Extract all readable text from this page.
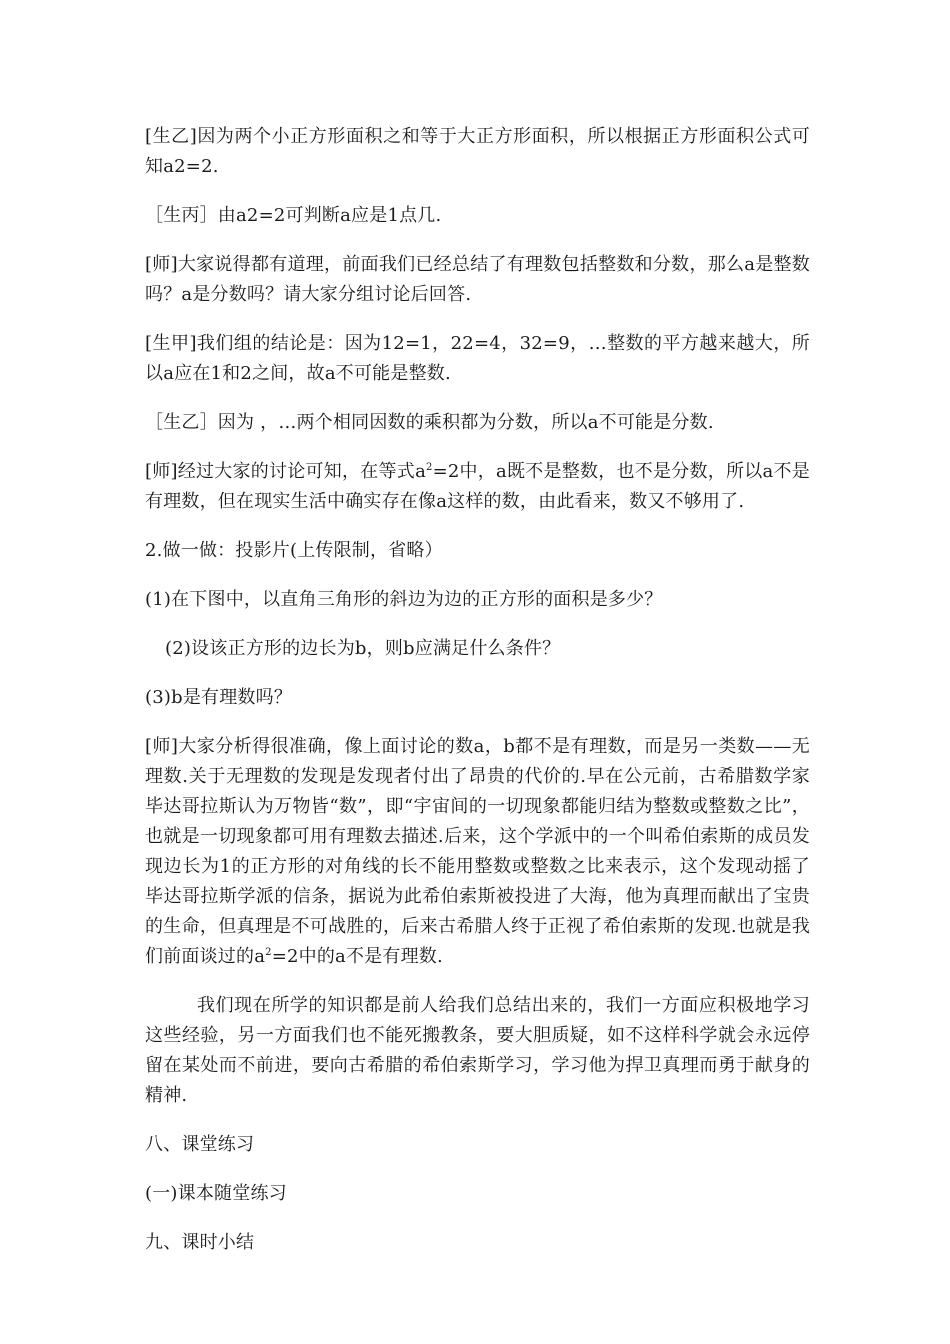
[生乙]因为两个小正方形面积之和等于大正方形面积，所以根据正方形面积公式可知a2=2.

［生丙］由a2=2可判断a应是1点几.

[师]大家说得都有道理，前面我们已经总结了有理数包括整数和分数，那么a是整数吗？a是分数吗？请大家分组讨论后回答.

[生甲]我们组的结论是：因为12=1，22=4，32=9，…整数的平方越来越大，所以a应在1和2之间，故a不可能是整数.

［生乙］因为 ，…两个相同因数的乘积都为分数，所以a不可能是分数.

[师]经过大家的讨论可知，在等式$a^2=2$中，a既不是整数，也不是分数，所以a不是有理数，但在现实生活中确实存在像a这样的数，由此看来，数又不够用了.

2.做一做：投影片(上传限制，省略）

(1)在下图中，以直角三角形的斜边为边的正方形的面积是多少？

(2)设该正方形的边长为b，则b应满足什么条件？

(3)b是有理数吗？

[师]大家分析得很准确，像上面讨论的数a，b都不是有理数，而是另一类数——无理数.关于无理数的发现是发现者付出了昂贵的代价的.早在公元前，古希腊数学家毕达哥拉斯认为万物皆“数”，即“宇宙间的一切现象都能归结为整数或整数之比”，也就是一切现象都可用有理数去描述.后来，这个学派中的一个叫希伯索斯的成员发现边长为1的正方形的对角线的长不能用整数或整数之比来表示，这个发现动摇了毕达哥拉斯学派的信条，据说为此希伯索斯被投进了大海，他为真理而献出了宝贵的生命，但真理是不可战胜的，后来古希腊人终于正视了希伯索斯的发现.也就是我们前面谈过的$a^2=2$中的a不是有理数.

我们现在所学的知识都是前人给我们总结出来的，我们一方面应积极地学习这些经验，另一方面我们也不能死搬教条，要大胆质疑，如不这样科学就会永远停留在某处而不前进，要向古希腊的希伯索斯学习，学习他为捍卫真理而勇于献身的精神.

八、课堂练习

(一)课本随堂练习

九、课时小结
